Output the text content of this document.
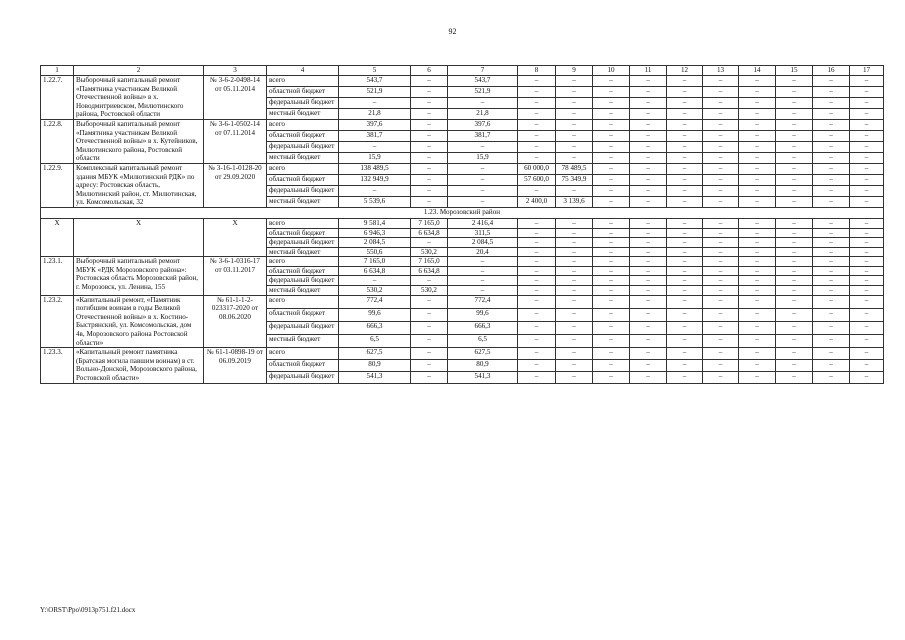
92
1	2	3	4	5	6	7	8	9	10	11	12	13	14	15	16	17
1.22.7.	Выборочный капитальный ремонт «Памятника участникам Великой Отечественной войны» в х. Новодмитриевском, Милютинского района, Ростовской области	№ 3-6-2-0498-14 от 05.11.2014	всего	543,7	–	543,7	–	–	–	–	–	–	–	–	–	–
			областной бюджет	521,9	–	521,9	–	–	–	–	–	–	–	–	–	–
			федеральный бюджет	–	–	–	–	–	–	–	–	–	–	–	–	–
			местный бюджет	21,8	–	21,8	–	–	–	–	–	–	–	–	–	–
1.22.8.	Выборочный капитальный ремонт «Памятника участникам Великой Отечественной войны» в х. Кутейников, Милютинского района, Ростовской области	№ 3-6-1-0502-14 от 07.11.2014	всего	397,6	–	397,6	–	–	–	–	–	–	–	–	–	–
			областной бюджет	381,7	–	381,7	–	–	–	–	–	–	–	–	–	–
			федеральный бюджет	–	–	–	–	–	–	–	–	–	–	–	–	–
			местный бюджет	15,9	–	15,9	–	–	–	–	–	–	–	–	–	–
1.22.9.	Комплексный капитальный ремонт здания МБУК «Милютинский РДК» по адресу: Ростовская область, Милютинский район, ст. Милютинская, ул. Комсомольская, 32	№ 3-16-1-0128-20 от 29.09.2020	всего	138 489,5	–	–	60 000,0	78 489,5	–	–	–	–	–	–	–	–
			областной бюджет	132 949,9	–	–	57 600,0	75 349,9	–	–	–	–	–	–	–	–
			федеральный бюджет	–	–	–	–	–	–	–	–	–	–	–	–	–
			местный бюджет	5 539,6	–	–	2 400,0	3 139,6	–	–	–	–	–	–	–	–
1.23. Морозовский район																
Х	Х	Х	всего	9 581,4	7 165,0	2 416,4	–	–	–	–	–	–	–	–	–	–
			областной бюджет	6 946,3	6 634,8	311,5	–	–	–	–	–	–	–	–	–	–
			федеральный бюджет	2 084,5	–	2 084,5	–	–	–	–	–	–	–	–	–	–
			местный бюджет	550,6	530,2	20,4	–	–	–	–	–	–	–	–	–	–
1.23.1.	Выборочный капитальный ремонт МБУК «РДК Морозовского района»: Ростовская область Морозовский район, г. Морозовск, ул. Ленина, 155	№ 3-6-1-0316-17 от 03.11.2017	всего	7 165,0	7 165,0	–	–	–	–	–	–	–	–	–	–	–
			областной бюджет	6 634,8	6 634,8	–	–	–	–	–	–	–	–	–	–	–
			федеральный бюджет	–	–	–	–	–	–	–	–	–	–	–	–	–
			местный бюджет	530,2	530,2	–	–	–	–	–	–	–	–	–	–	–
1.23.2.	«Капитальный ремонт, «Памятник погибшим воинам в годы Великой Отечественной войны» в х. Костино-Быстрянский, ул. Комсомольская, дом 4в, Морозовского района Ростовской области»	№ 61-1-1-2-023317-2020 от 08.06.2020	всего	772,4	–	772,4	–	–	–	–	–	–	–	–	–	–
			областной бюджет	99,6	–	99,6	–	–	–	–	–	–	–	–	–	–
			федеральный бюджет	666,3	–	666,3	–	–	–	–	–	–	–	–	–	–
			местный бюджет	6,5	–	6,5	–	–	–	–	–	–	–	–	–	–
1.23.3.	«Капитальный ремонт памятника (Братская могила павшим воинам) в ст. Вольно-Донской, Морозовского района, Ростовской области»	№ 61-1-0898-19 от 06.09.2019	всего	627,5	–	627,5	–	–	–	–	–	–	–	–	–	–
			областной бюджет	80,9	–	80,9	–	–	–	–	–	–	–	–	–	–
			федеральный бюджет	541,3	–	541,3	–	–	–	–	–	–	–	–	–	–
Y:\ORST\Ppo\0913p751.f21.docx
